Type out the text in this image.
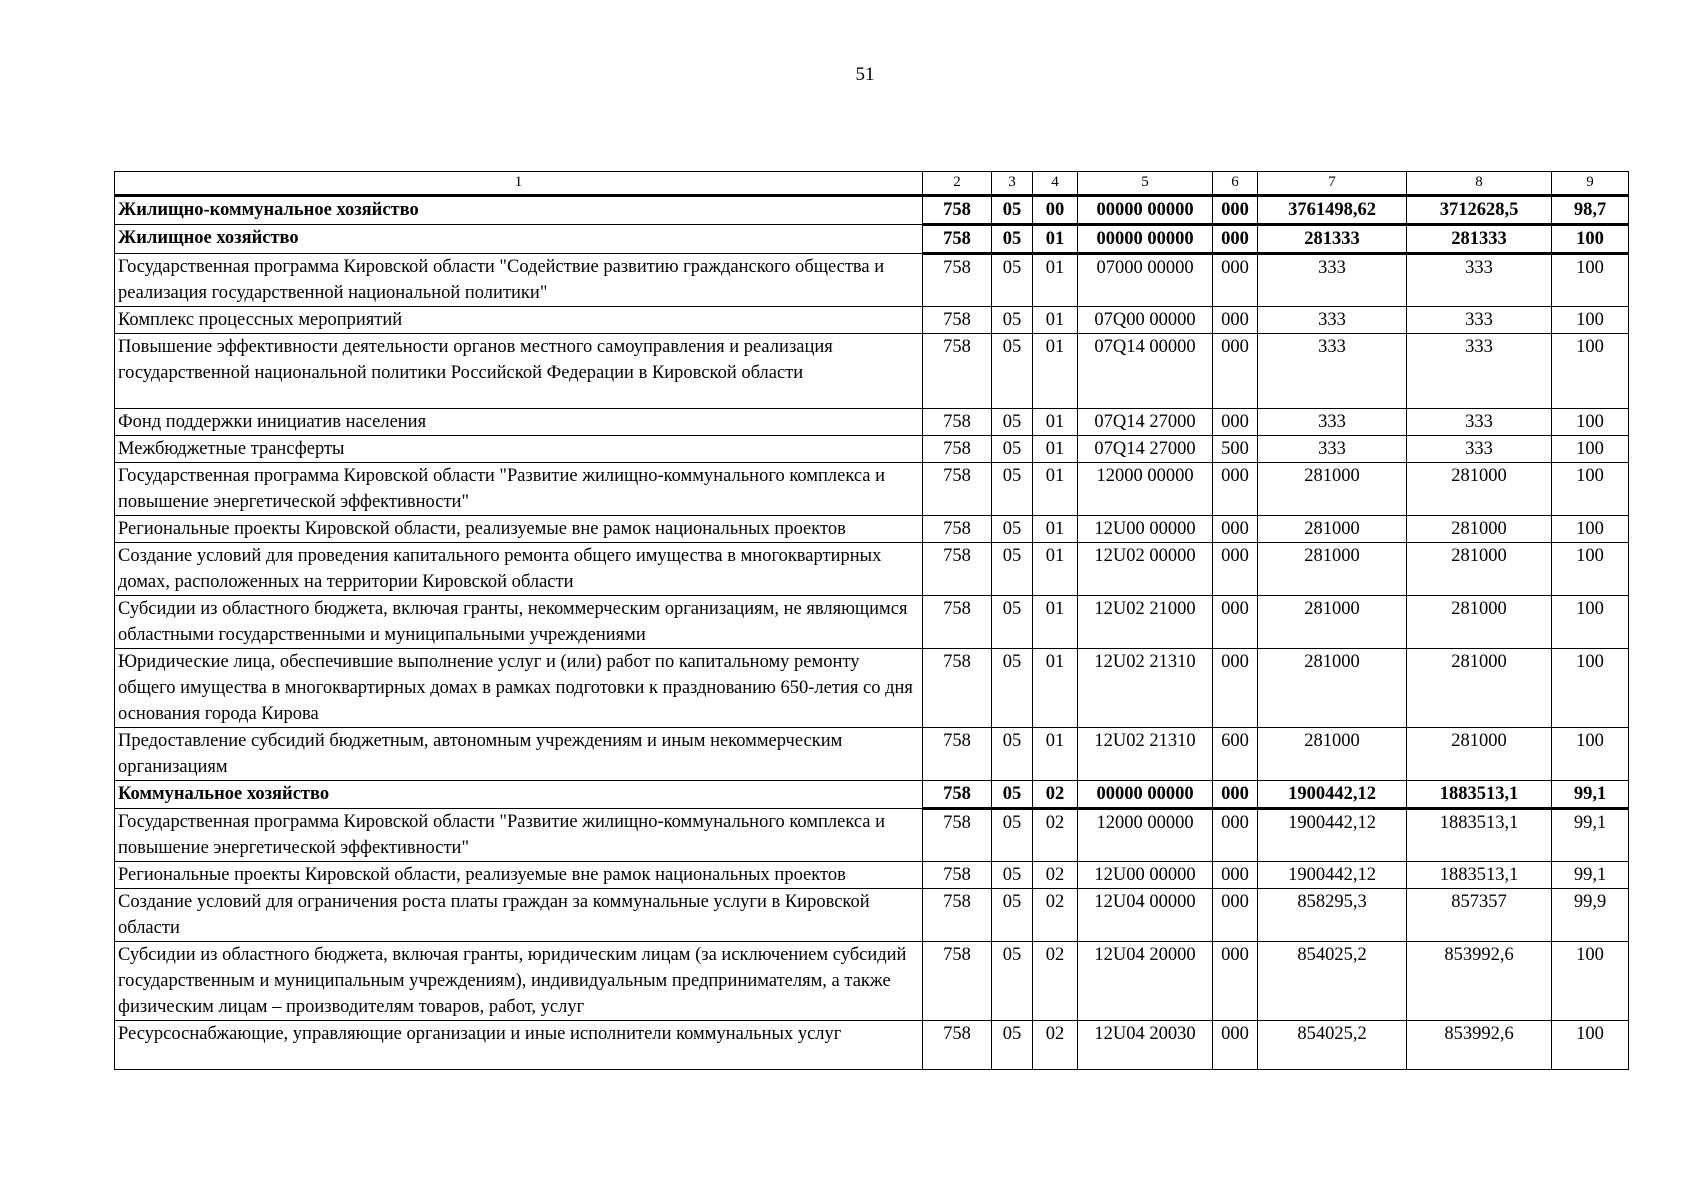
51
1	2	3	4	5	6	7	8	9
Жилищно-коммунальное хозяйство	758	05	00	00000 00000	000	3761498,62	3712628,5	98,7
Жилищное хозяйство	758	05	01	00000 00000	000	281333	281333	100
Государственная программа Кировской области "Содействие развитию гражданского общества и реализация государственной национальной политики"	758	05	01	07000 00000	000	333	333	100
Комплекс процессных мероприятий	758	05	01	07Q00 00000	000	333	333	100
Повышение эффективности деятельности органов местного самоуправления и реализация государственной национальной политики Российской Федерации в Кировской области	758	05	01	07Q14 00000	000	333	333	100
Фонд поддержки инициатив населения	758	05	01	07Q14 27000	000	333	333	100
Межбюджетные трансферты	758	05	01	07Q14 27000	500	333	333	100
Государственная программа Кировской области "Развитие жилищно-коммунального комплекса и повышение энергетической эффективности"	758	05	01	12000 00000	000	281000	281000	100
Региональные проекты Кировской области, реализуемые вне рамок национальных проектов	758	05	01	12U00 00000	000	281000	281000	100
Создание условий для проведения капитального ремонта общего имущества в многоквартирных домах, расположенных на территории Кировской области	758	05	01	12U02 00000	000	281000	281000	100
Субсидии из областного бюджета, включая гранты, некоммерческим организациям, не являющимся областными государственными и муниципальными учреждениями	758	05	01	12U02 21000	000	281000	281000	100
Юридические лица, обеспечившие выполнение услуг и (или) работ по капитальному ремонту общего имущества в многоквартирных домах в рамках подготовки к празднованию 650-летия со дня основания города Кирова	758	05	01	12U02 21310	000	281000	281000	100
Предоставление субсидий бюджетным, автономным учреждениям и иным некоммерческим организациям	758	05	01	12U02 21310	600	281000	281000	100
Коммунальное хозяйство	758	05	02	00000 00000	000	1900442,12	1883513,1	99,1
Государственная программа Кировской области "Развитие жилищно-коммунального комплекса и повышение энергетической эффективности"	758	05	02	12000 00000	000	1900442,12	1883513,1	99,1
Региональные проекты Кировской области, реализуемые вне рамок национальных проектов	758	05	02	12U00 00000	000	1900442,12	1883513,1	99,1
Создание условий для ограничения роста платы граждан за коммунальные услуги в Кировской области	758	05	02	12U04 00000	000	858295,3	857357	99,9
Субсидии из областного бюджета, включая гранты, юридическим лицам (за исключением субсидий государственным и муниципальным учреждениям), индивидуальным предпринимателям, а также физическим лицам – производителям товаров, работ, услуг	758	05	02	12U04 20000	000	854025,2	853992,6	100
Ресурсоснабжающие, управляющие организации и иные исполнители коммунальных услуг	758	05	02	12U04 20030	000	854025,2	853992,6	100
